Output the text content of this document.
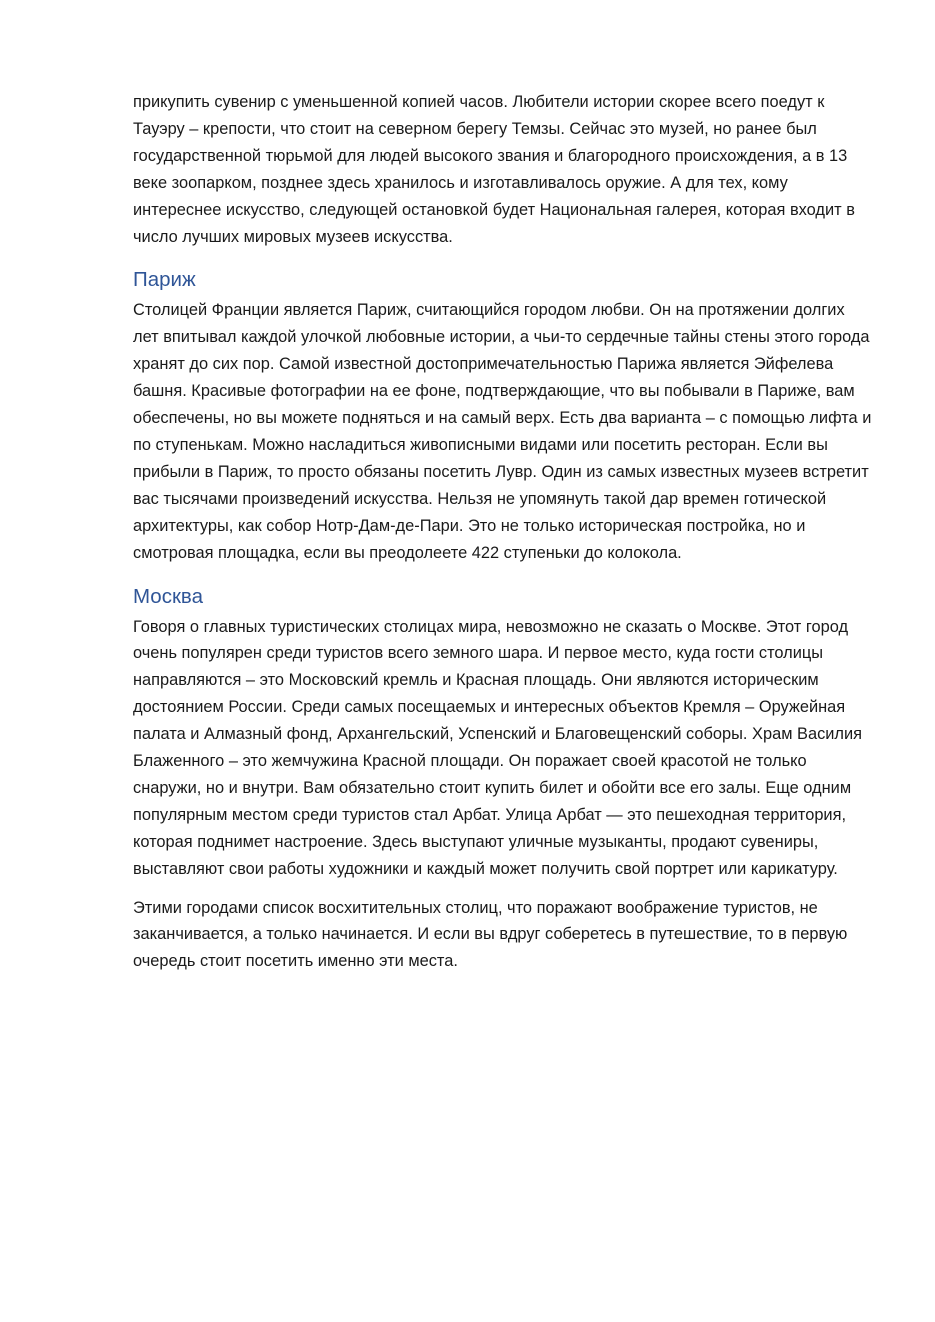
прикупить сувенир с уменьшенной копией часов. Любители истории скорее всего поедут к Тауэру – крепости, что стоит на северном берегу Темзы. Сейчас это музей, но ранее был государственной тюрьмой для людей высокого звания и благородного происхождения, а в 13 веке зоопарком, позднее здесь хранилось и изготавливалось оружие. А для тех, кому интереснее искусство, следующей остановкой будет Национальная галерея, которая входит в число лучших мировых музеев искусства.

Париж

Столицей Франции является Париж, считающийся городом любви. Он на протяжении долгих лет впитывал каждой улочкой любовные истории, а чьи-то сердечные тайны стены этого города хранят до сих пор. Самой известной достопримечательностью Парижа является Эйфелева башня. Красивые фотографии на ее фоне, подтверждающие, что вы побывали в Париже, вам обеспечены, но вы можете подняться и на самый верх. Есть два варианта – с помощью лифта и по ступенькам. Можно насладиться живописными видами или посетить ресторан. Если вы прибыли в Париж, то просто обязаны посетить Лувр. Один из самых известных музеев встретит вас тысячами произведений искусства. Нельзя не упомянуть такой дар времен готической архитектуры, как собор Нотр-Дам-де-Пари. Это не только историческая постройка, но и смотровая площадка, если вы преодолеете 422 ступеньки до колокола.

Москва

Говоря о главных туристических столицах мира, невозможно не сказать о Москве. Этот город очень популярен среди туристов всего земного шара. И первое место, куда гости столицы направляются – это Московский кремль и Красная площадь. Они являются историческим достоянием России. Среди самых посещаемых и интересных объектов Кремля – Оружейная палата и Алмазный фонд, Архангельский, Успенский и Благовещенский соборы. Храм Василия Блаженного – это жемчужина Красной площади. Он поражает своей красотой не только снаружи, но и внутри. Вам обязательно стоит купить билет и обойти все его залы. Еще одним популярным местом среди туристов стал Арбат. Улица Арбат — это пешеходная территория, которая поднимет настроение. Здесь выступают уличные музыканты, продают сувениры, выставляют свои работы художники и каждый может получить свой портрет или карикатуру.

Этими городами список восхитительных столиц, что поражают воображение туристов, не заканчивается, а только начинается. И если вы вдруг соберетесь в путешествие, то в первую очередь стоит посетить именно эти места.
